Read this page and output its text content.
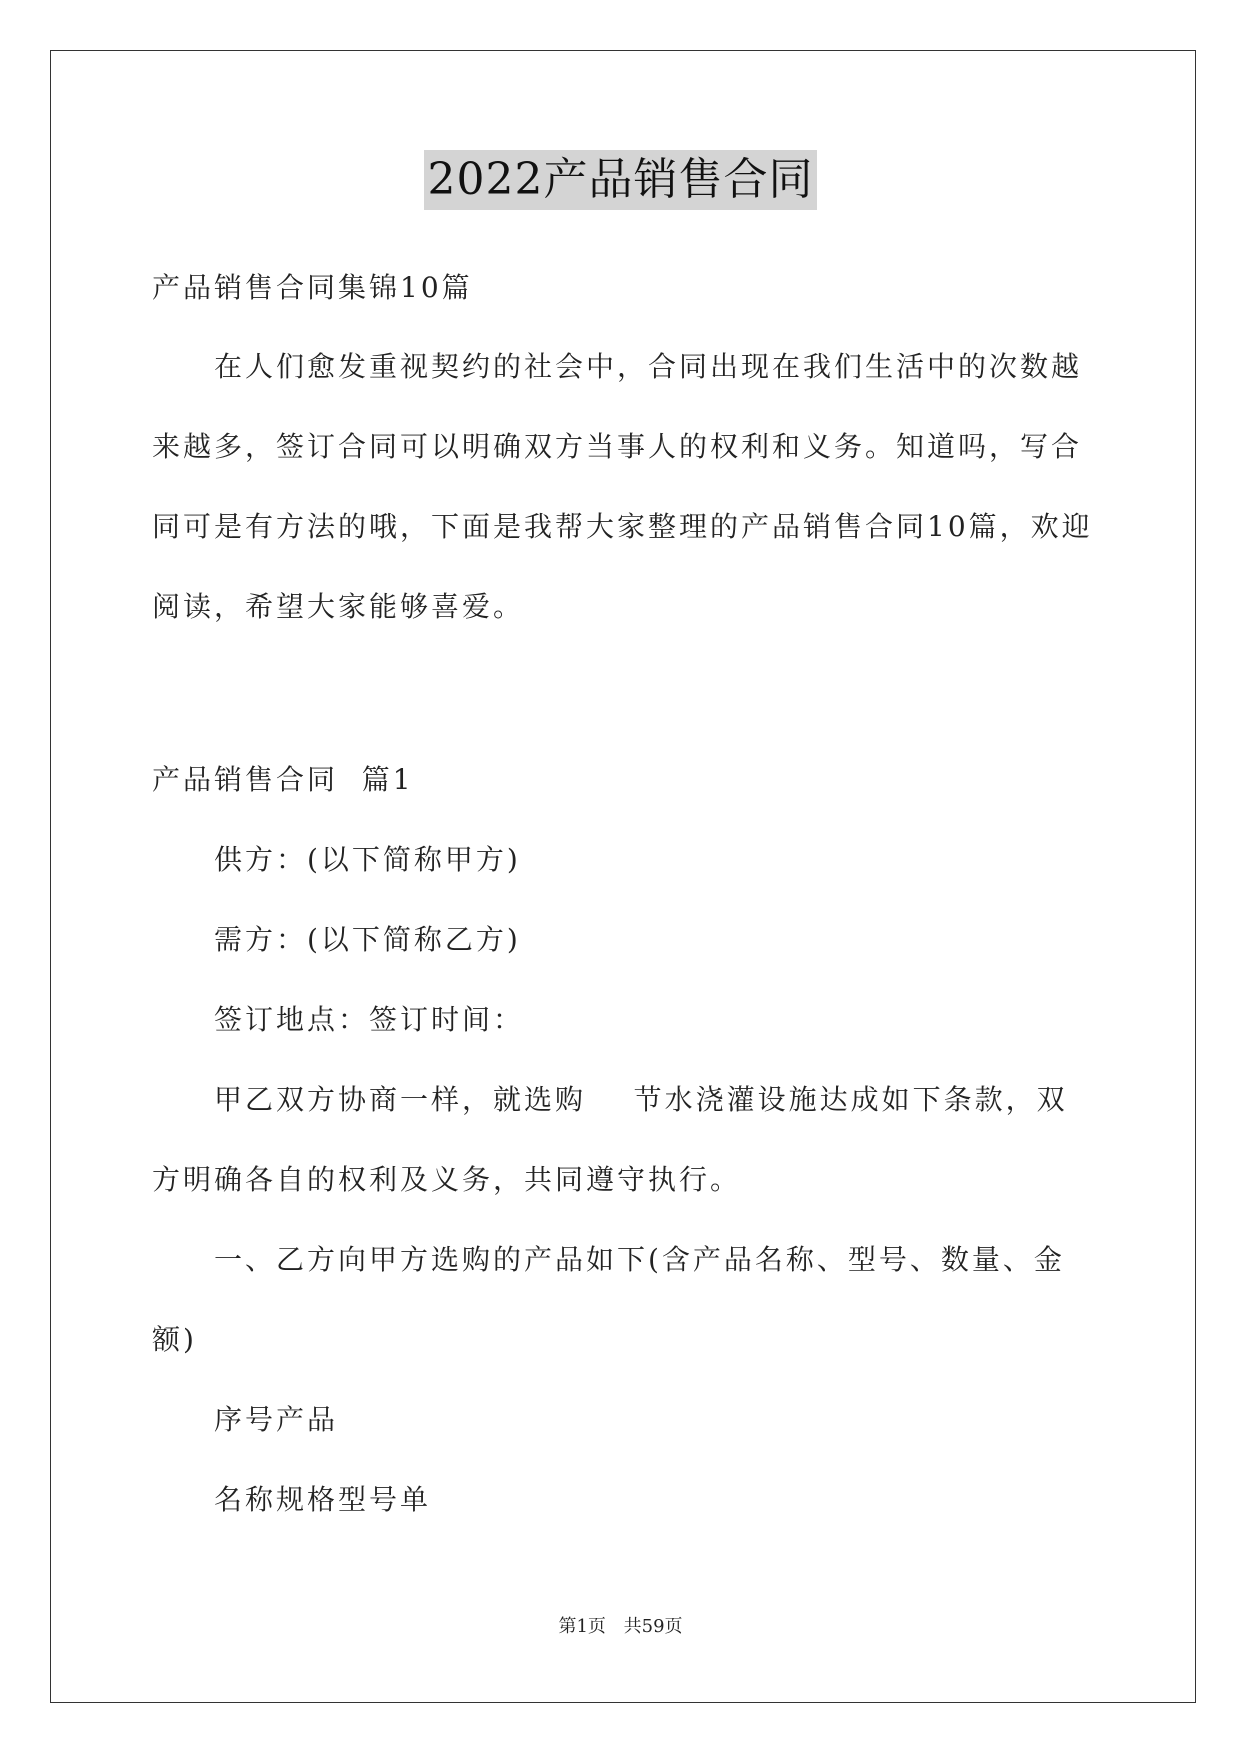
2022产品销售合同

产品销售合同集锦10篇

在人们愈发重视契约的社会中，合同出现在我们生活中的次数越来越多，签订合同可以明确双方当事人的权利和义务。知道吗，写合同可是有方法的哦，下面是我帮大家整理的产品销售合同10篇，欢迎阅读，希望大家能够喜爱。

产品销售合同  篇1

供方：(以下简称甲方)

需方：(以下简称乙方)

签订地点：签订时间：

甲乙双方协商一样，就选购    节水浇灌设施达成如下条款，双方明确各自的权利及义务，共同遵守执行。

一、乙方向甲方选购的产品如下(含产品名称、型号、数量、金额)

序号产品

名称规格型号单

第1页 共59页
